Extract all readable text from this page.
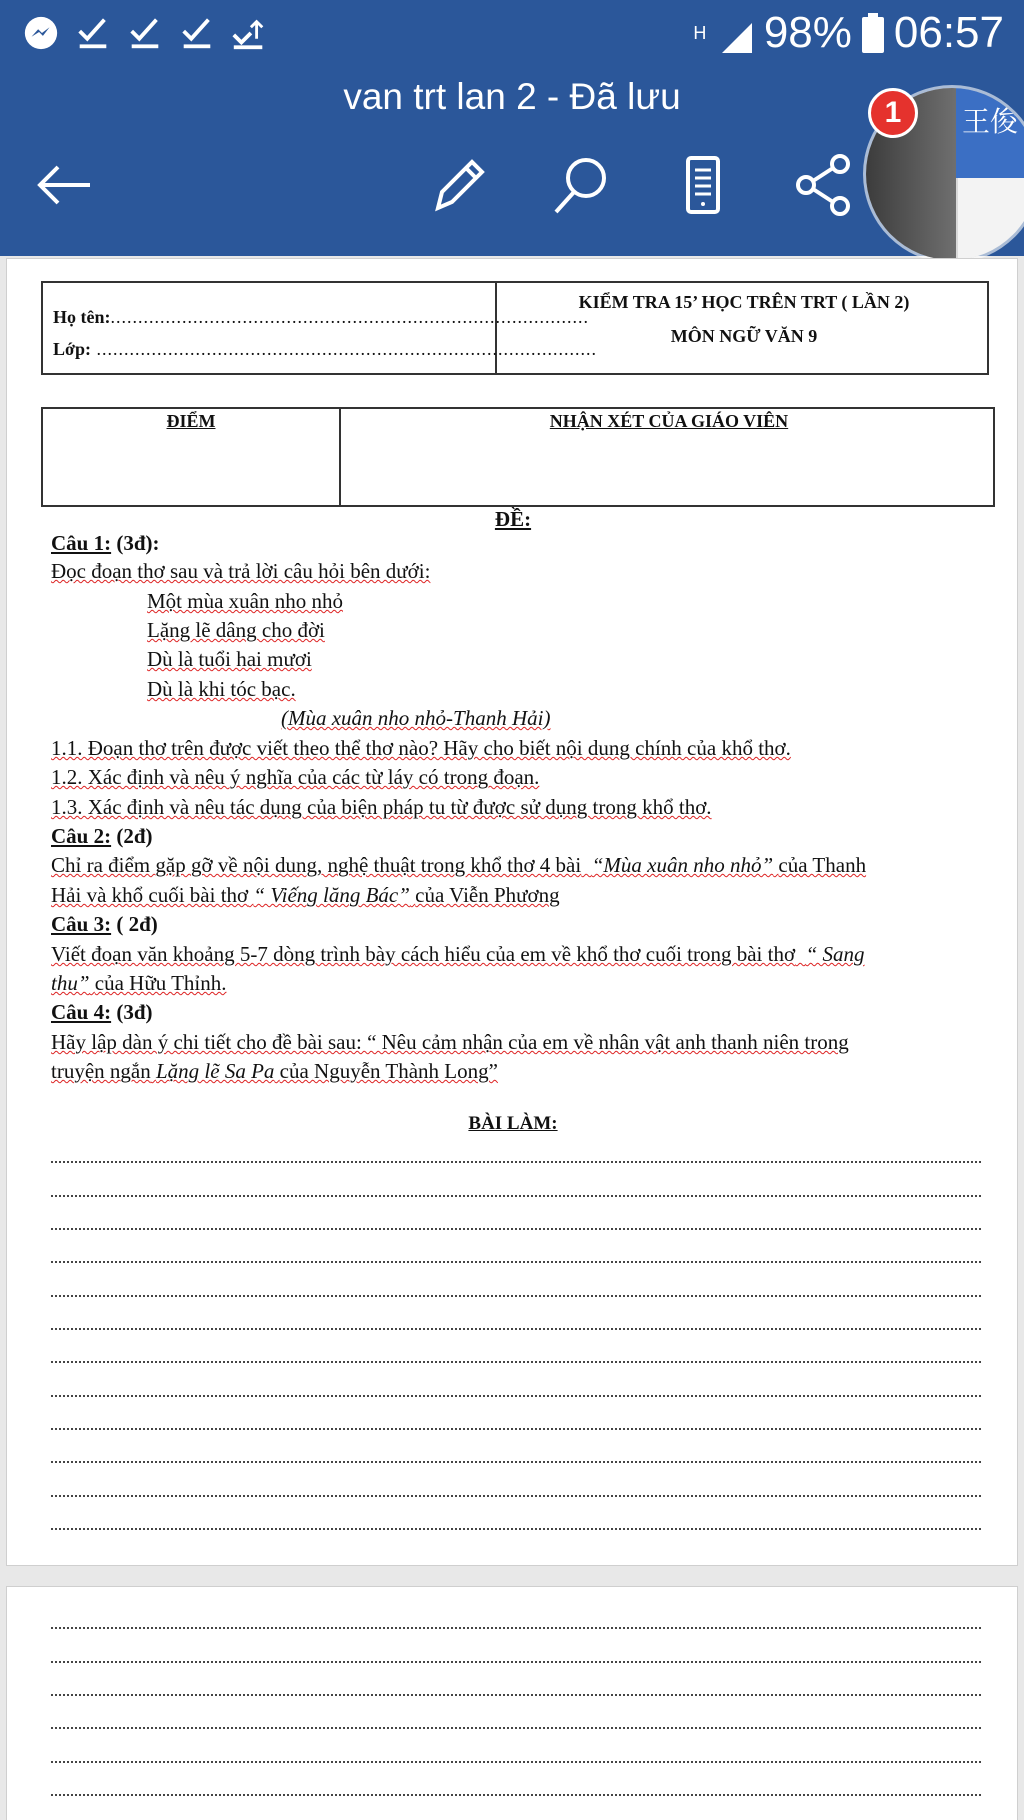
H 98% 06:57
van trt lan 2 - Đã lưu
王俊
1
Họ tên:.......................................................................................
Lớp: ...........................................................................................
KIỂM TRA 15’ HỌC TRÊN TRT ( LẦN 2)
MÔN NGỮ VĂN 9
ĐIỂM	NHẬN XÉT CỦA GIÁO VIÊN
ĐỀ:
Câu 1: (3đ):
Đọc đoạn thơ sau và trả lời câu hỏi bên dưới:
Một mùa xuân nho nhỏ
Lặng lẽ dâng cho đời
Dù là tuổi hai mươi
Dù là khi tóc bạc.
(Mùa xuân nho nhỏ-Thanh Hải)
1.1. Đoạn thơ trên được viết theo thể thơ nào? Hãy cho biết nội dung chính của khổ thơ.
1.2. Xác định và nêu ý nghĩa của các từ láy có trong đoạn.
1.3. Xác định và nêu tác dụng của biện pháp tu từ được sử dụng trong khổ thơ.
Câu 2: (2đ)
Chỉ ra điểm gặp gỡ về nội dung, nghệ thuật trong khổ thơ 4 bài “Mùa xuân nho nhỏ” của Thanh
Hải và khổ cuối bài thơ “ Viếng lăng Bác” của Viễn Phương
Câu 3: ( 2đ)
Viết đoạn văn khoảng 5-7 dòng trình bày cách hiểu của em về khổ thơ cuối trong bài thơ “ Sang
thu” của Hữu Thỉnh.
Câu 4: (3đ)
Hãy lập dàn ý chi tiết cho đề bài sau: “ Nêu cảm nhận của em về nhân vật anh thanh niên trong
truyện ngắn Lặng lẽ Sa Pa của Nguyễn Thành Long”
BÀI LÀM:
